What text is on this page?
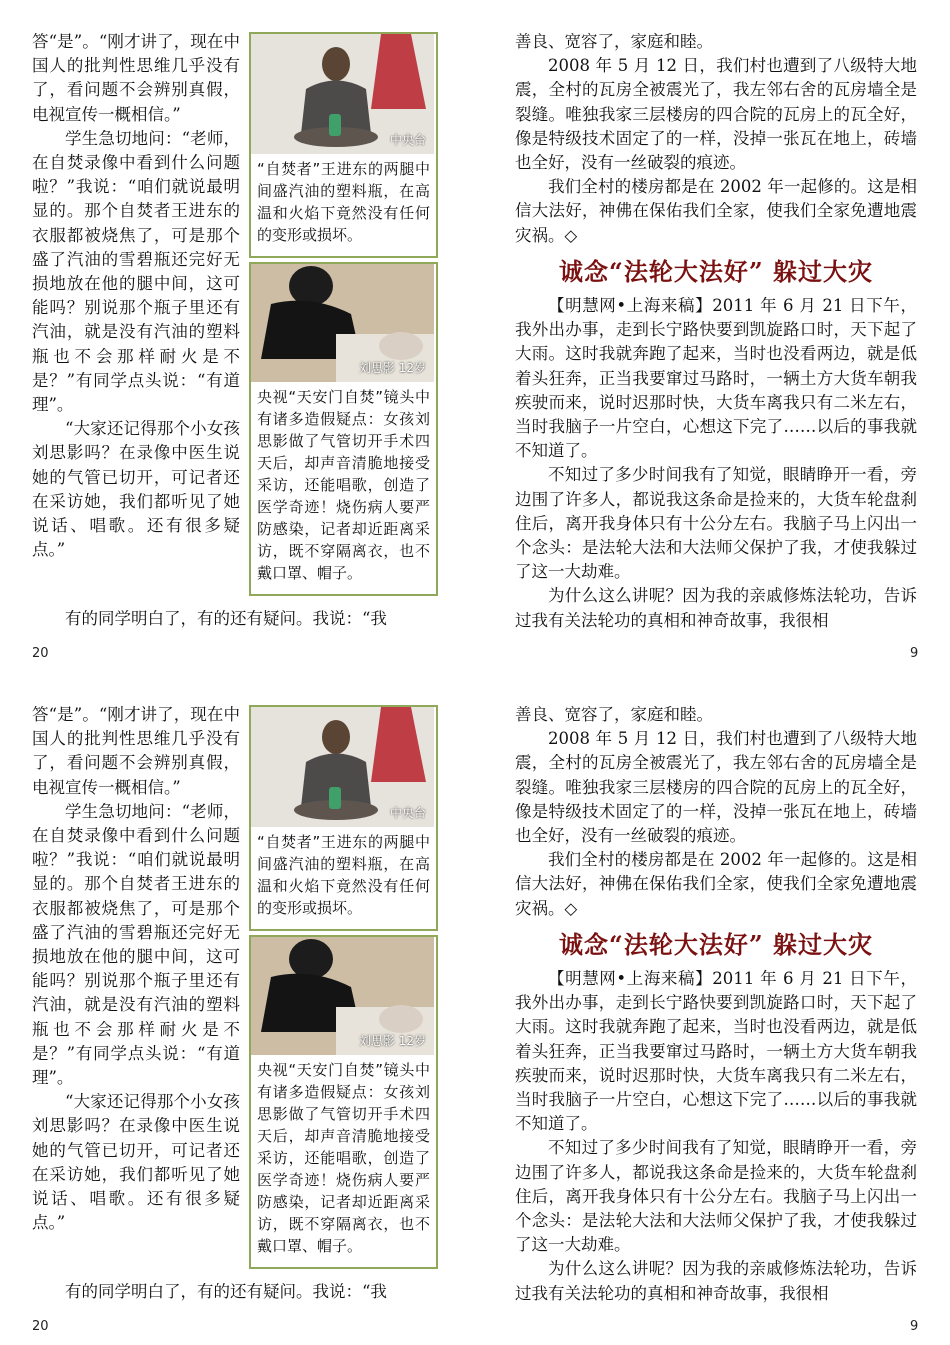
答“是”。“刚才讲了，现在中国人的批判性思维几乎没有了，看问题不会辨别真假，电视宣传一概相信。”

学生急切地问：“老师，在自焚录像中看到什么问题啦？”我说：“咱们就说最明显的。那个自焚者王进东的衣服都被烧焦了，可是那个盛了汽油的雪碧瓶还完好无损地放在他的腿中间，这可能吗？别说那个瓶子里还有汽油，就是没有汽油的塑料瓶也不会那样耐火是不是？”有同学点头说：“有道理”。

“大家还记得那个小女孩刘思影吗？在录像中医生说她的气管已切开，可记者还在采访她，我们都听见了她说话、唱歌。还有很多疑点。”

中央台
“自焚者”王进东的两腿中间盛汽油的塑料瓶，在高温和火焰下竟然没有任何的变形或损坏。
刘思影 12岁
央视“天安门自焚”镜头中有诸多造假疑点：女孩刘思影做了气管切开手术四天后，却声音清脆地接受采访，还能唱歌，创造了医学奇迹！烧伤病人要严防感染，记者却近距离采访，既不穿隔离衣，也不戴口罩、帽子。

有的同学明白了，有的还有疑问。我说：“我

20

善良、宽容了，家庭和睦。

2008 年 5 月 12 日，我们村也遭到了八级特大地震，全村的瓦房全被震光了，我左邻右舍的瓦房墙全是裂缝。唯独我家三层楼房的四合院的瓦房上的瓦全好，像是特级技术固定了的一样，没掉一张瓦在地上，砖墙也全好，没有一丝破裂的痕迹。

我们全村的楼房都是在 2002 年一起修的。这是相信大法好，神佛在保佑我们全家，使我们全家免遭地震灾祸。◇

诚念“法轮大法好” 躲过大灾

【明慧网•上海来稿】2011 年 6 月 21 日下午，我外出办事，走到长宁路快要到凯旋路口时，天下起了大雨。这时我就奔跑了起来，当时也没看两边，就是低着头狂奔，正当我要窜过马路时，一辆土方大货车朝我疾驶而来，说时迟那时快，大货车离我只有二米左右，当时我脑子一片空白，心想这下完了……以后的事我就不知道了。

不知过了多少时间我有了知觉，眼睛睁开一看，旁边围了许多人，都说我这条命是捡来的，大货车轮盘刹住后，离开我身体只有十公分左右。我脑子马上闪出一个念头：是法轮大法和大法师父保护了我，才使我躲过了这一大劫难。

为什么这么讲呢？因为我的亲戚修炼法轮功，告诉过我有关法轮功的真相和神奇故事，我很相

9

答“是”。“刚才讲了，现在中国人的批判性思维几乎没有了，看问题不会辨别真假，电视宣传一概相信。”

学生急切地问：“老师，在自焚录像中看到什么问题啦？”我说：“咱们就说最明显的。那个自焚者王进东的衣服都被烧焦了，可是那个盛了汽油的雪碧瓶还完好无损地放在他的腿中间，这可能吗？别说那个瓶子里还有汽油，就是没有汽油的塑料瓶也不会那样耐火是不是？”有同学点头说：“有道理”。

“大家还记得那个小女孩刘思影吗？在录像中医生说她的气管已切开，可记者还在采访她，我们都听见了她说话、唱歌。还有很多疑点。”

中央台
“自焚者”王进东的两腿中间盛汽油的塑料瓶，在高温和火焰下竟然没有任何的变形或损坏。
刘思影 12岁
央视“天安门自焚”镜头中有诸多造假疑点：女孩刘思影做了气管切开手术四天后，却声音清脆地接受采访，还能唱歌，创造了医学奇迹！烧伤病人要严防感染，记者却近距离采访，既不穿隔离衣，也不戴口罩、帽子。

有的同学明白了，有的还有疑问。我说：“我

20

善良、宽容了，家庭和睦。

2008 年 5 月 12 日，我们村也遭到了八级特大地震，全村的瓦房全被震光了，我左邻右舍的瓦房墙全是裂缝。唯独我家三层楼房的四合院的瓦房上的瓦全好，像是特级技术固定了的一样，没掉一张瓦在地上，砖墙也全好，没有一丝破裂的痕迹。

我们全村的楼房都是在 2002 年一起修的。这是相信大法好，神佛在保佑我们全家，使我们全家免遭地震灾祸。◇

诚念“法轮大法好” 躲过大灾

【明慧网•上海来稿】2011 年 6 月 21 日下午，我外出办事，走到长宁路快要到凯旋路口时，天下起了大雨。这时我就奔跑了起来，当时也没看两边，就是低着头狂奔，正当我要窜过马路时，一辆土方大货车朝我疾驶而来，说时迟那时快，大货车离我只有二米左右，当时我脑子一片空白，心想这下完了……以后的事我就不知道了。

不知过了多少时间我有了知觉，眼睛睁开一看，旁边围了许多人，都说我这条命是捡来的，大货车轮盘刹住后，离开我身体只有十公分左右。我脑子马上闪出一个念头：是法轮大法和大法师父保护了我，才使我躲过了这一大劫难。

为什么这么讲呢？因为我的亲戚修炼法轮功，告诉过我有关法轮功的真相和神奇故事，我很相

9
